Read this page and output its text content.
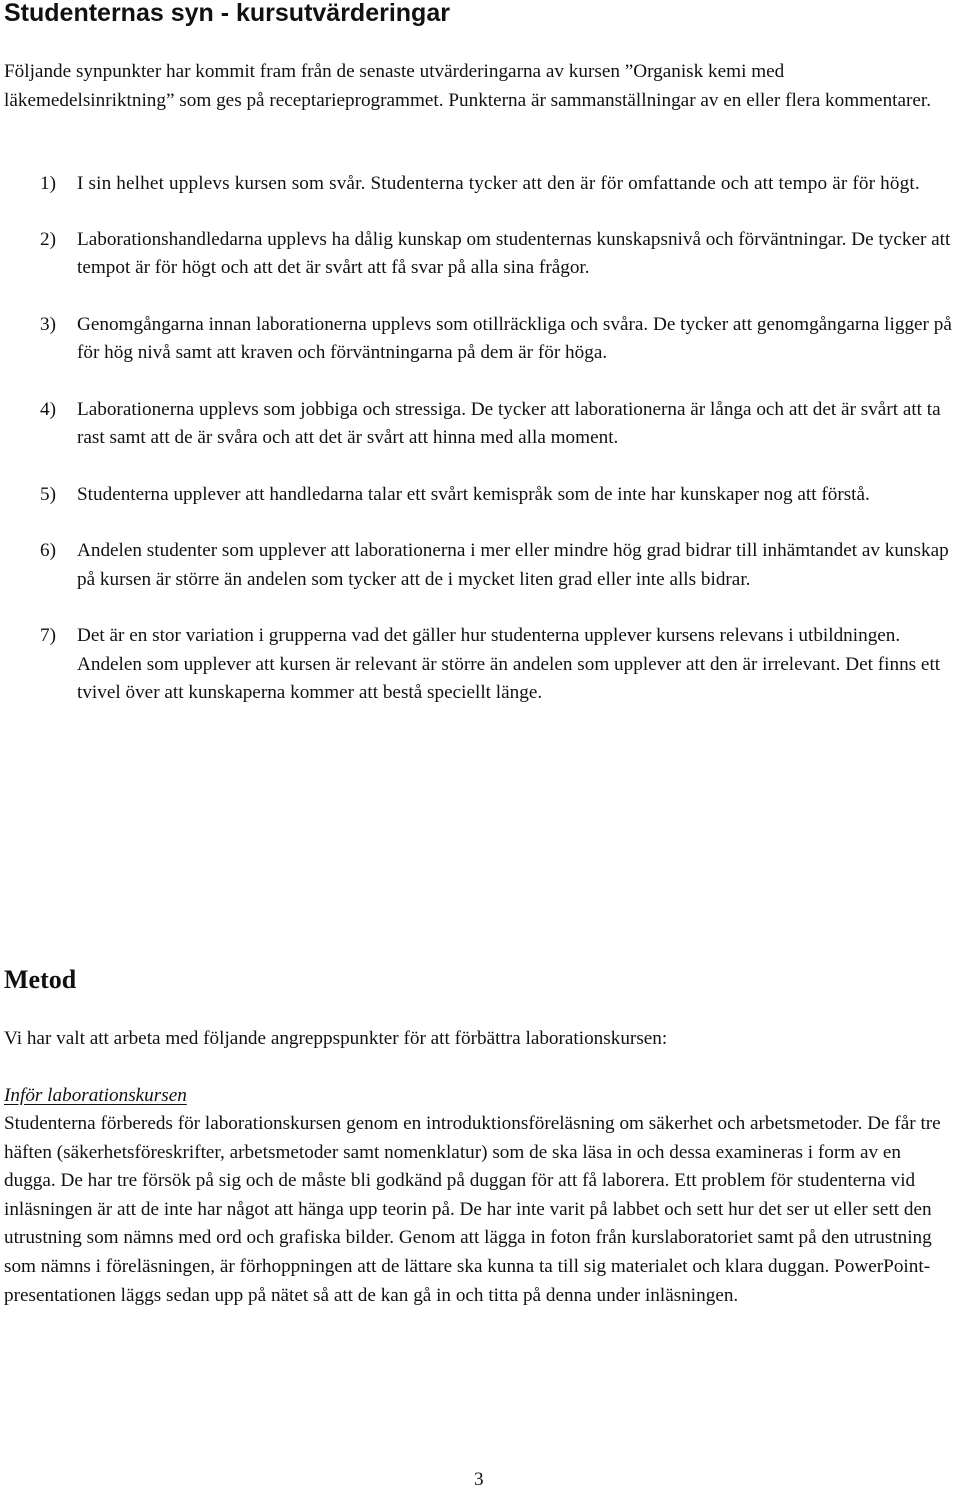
Studenternas syn - kursutvärderingar

Följande synpunkter har kommit fram från de senaste utvärderingarna av kursen ”Organisk kemi med läkemedelsinriktning” som ges på receptarieprogrammet. Punkterna är sammanställningar av en eller flera kommentarer.

1) I sin helhet upplevs kursen som svår. Studenterna tycker att den är för omfattande och att tempo är för högt.
2) Laborationshandledarna upplevs ha dålig kunskap om studenternas kunskapsnivå och förväntningar. De tycker att tempot är för högt och att det är svårt att få svar på alla sina frågor.
3) Genomgångarna innan laborationerna upplevs som otillräckliga och svåra. De tycker att genomgångarna ligger på för hög nivå samt att kraven och förväntningarna på dem är för höga.
4) Laborationerna upplevs som jobbiga och stressiga. De tycker att laborationerna är långa och att det är svårt att ta rast samt att de är svåra och att det är svårt att hinna med alla moment.
5) Studenterna upplever att handledarna talar ett svårt kemispråk som de inte har kunskaper nog att förstå.
6) Andelen studenter som upplever att laborationerna i mer eller mindre hög grad bidrar till inhämtandet av kunskap på kursen är större än andelen som tycker att de i mycket liten grad eller inte alls bidrar.
7) Det är en stor variation i grupperna vad det gäller hur studenterna upplever kursens relevans i utbildningen. Andelen som upplever att kursen är relevant är större än andelen som upplever att den är irrelevant. Det finns ett tvivel över att kunskaperna kommer att bestå speciellt länge.
Metod

Vi har valt att arbeta med följande angreppspunkter för att förbättra laborationskursen:

Inför laborationskursen

Studenterna förbereds för laborationskursen genom en introduktionsföreläsning om säkerhet och arbetsmetoder. De får tre häften (säkerhetsföreskrifter, arbetsmetoder samt nomenklatur) som de ska läsa in och dessa examineras i form av en dugga. De har tre försök på sig och de måste bli godkänd på duggan för att få laborera. Ett problem för studenterna vid inläsningen är att de inte har något att hänga upp teorin på. De har inte varit på labbet och sett hur det ser ut eller sett den utrustning som nämns med ord och grafiska bilder. Genom att lägga in foton från kurslaboratoriet samt på den utrustning som nämns i föreläsningen, är förhoppningen att de lättare ska kunna ta till sig materialet och klara duggan. PowerPoint-presentationen läggs sedan upp på nätet så att de kan gå in och titta på denna under inläsningen.

3
